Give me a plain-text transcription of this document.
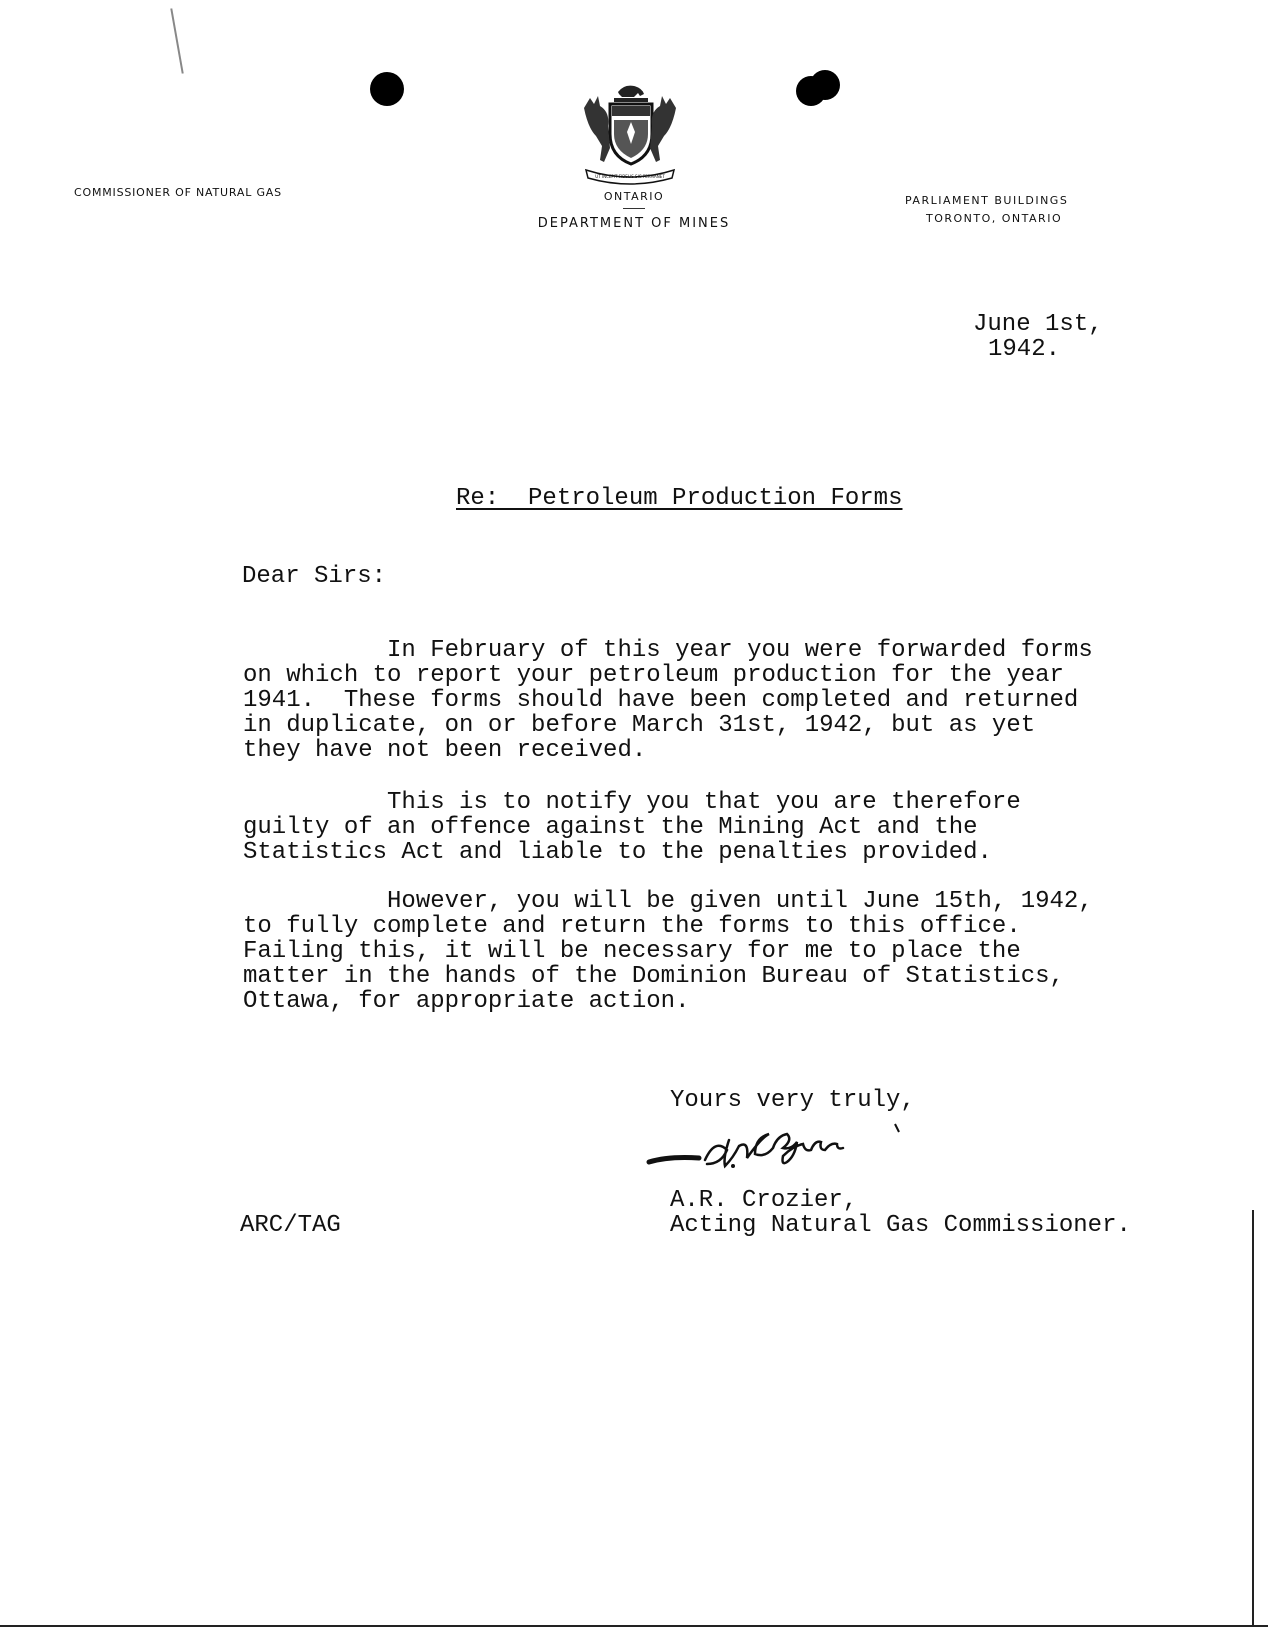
UT INCEPIT FIDELIS SIC PERMANET
COMMISSIONER OF NATURAL GAS	ONTARIO
DEPARTMENT OF MINES
PARLIAMENT BUILDINGS
TORONTO, ONTARIO
June 1st,
1942.
Re:  Petroleum Production Forms
Dear Sirs:
In February of this year you were forwarded forms
on which to report your petroleum production for the year
1941.  These forms should have been completed and returned
in duplicate, on or before March 31st, 1942, but as yet
they have not been received.
This is to notify you that you are therefore
guilty of an offence against the Mining Act and the
Statistics Act and liable to the penalties provided.
However, you will be given until June 15th, 1942,
to fully complete and return the forms to this office.
Failing this, it will be necessary for me to place the
matter in the hands of the Dominion Bureau of Statistics,
Ottawa, for appropriate action.
Yours very truly,
A.R. Crozier,
Acting Natural Gas Commissioner.
ARC/TAG
